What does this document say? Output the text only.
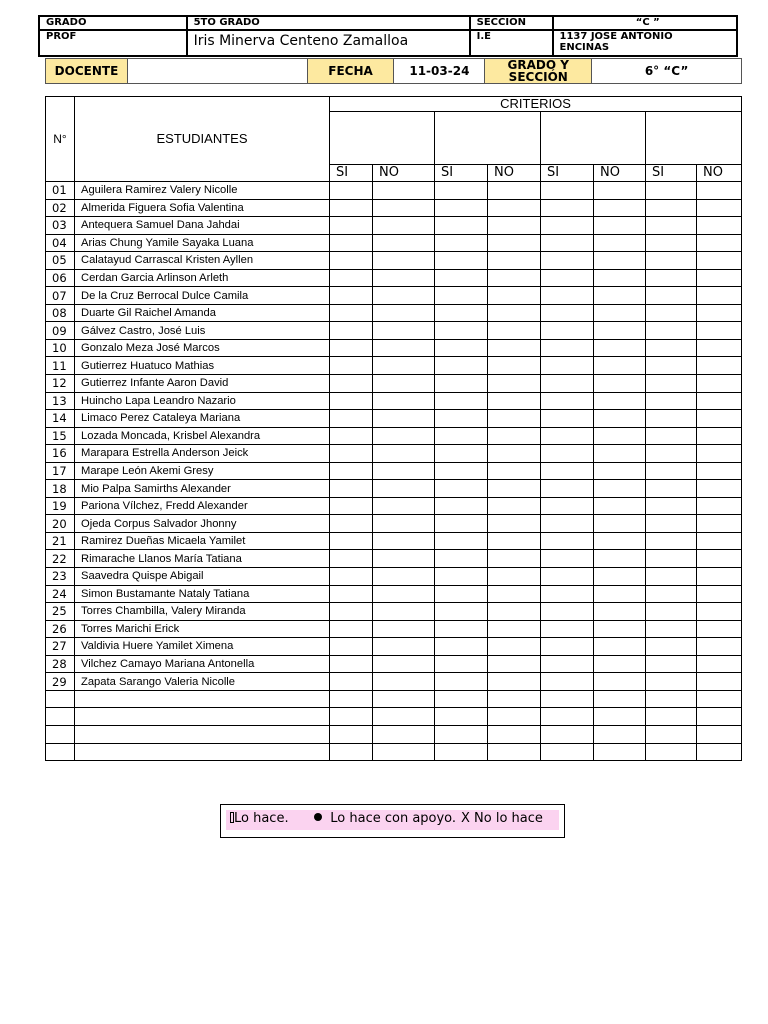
GRADO	5TO GRADO	SECCIÓN	“C ”
PROF	Iris Minerva Centeno Zamalloa	I.E	1137 JOSE ANTONIO
ENCINAS
DOCENTE		FECHA	11-03-24	GRADO Y
SECCIÓN	6° “C”
N°	ESTUDIANTES	CRITERIOS							

		SI	NO	SI	NO	SI	NO	SI	NO
01	Aguilera Ramirez Valery Nicolle								
02	Almerida Figuera Sofia Valentina								
03	Antequera Samuel Dana Jahdai								
04	Arias Chung Yamile Sayaka Luana								
05	Calatayud Carrascal Kristen Ayllen								
06	Cerdan Garcia Arlinson Arleth								
07	De la Cruz Berrocal Dulce Camila								
08	Duarte Gil Raichel Amanda								
09	Gálvez Castro, José Luis								
10	Gonzalo Meza José Marcos								
11	Gutierrez Huatuco Mathias								
12	Gutierrez Infante Aaron David								
13	Huincho Lapa Leandro Nazario								
14	Limaco Perez Cataleya Mariana								
15	Lozada Moncada, Krisbel Alexandra								
16	Marapara Estrella Anderson Jeick								
17	Marape León Akemi Gresy								
18	Mio Palpa Samirths Alexander								
19	Pariona Vílchez, Fredd Alexander								
20	Ojeda Corpus Salvador Jhonny								
21	Ramirez Dueñas Micaela Yamilet								
22	Rimarache Llanos María Tatiana								
23	Saavedra Quispe Abigail								
24	Simon Bustamante Nataly Tatiana								
25	Torres Chambilla, Valery Miranda								
26	Torres Marichi Erick								
27	Valdivia Huere Yamilet Ximena								
28	Vilchez Camayo Mariana Antonella								
29	Zapata Sarango Valeria Nicolle								

Lo hace.	Lo hace con apoyo. X No lo hace
